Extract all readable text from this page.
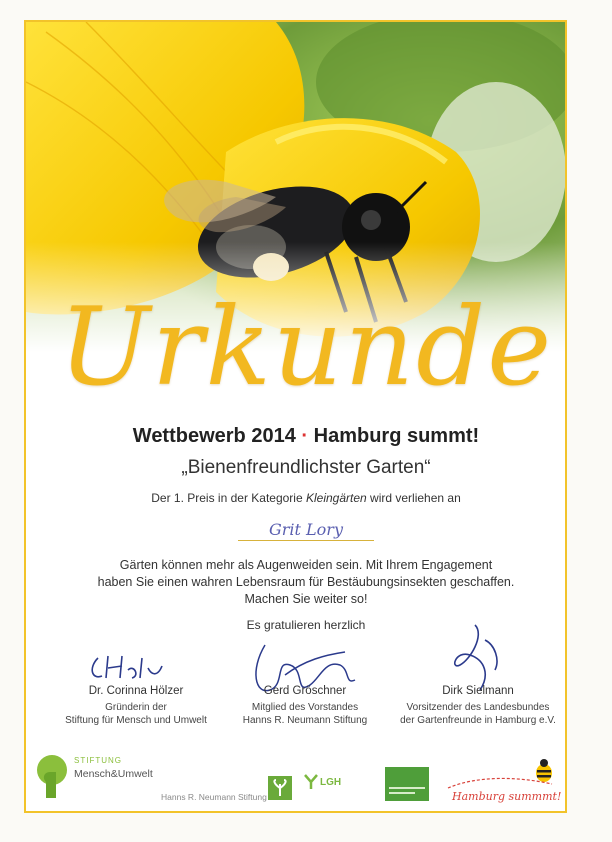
Urkunde
Wettbewerb 2014 · Hamburg summt!
„Bienenfreundlichster Garten“
Der 1. Preis in der Kategorie Kleingärten wird verliehen an
Grit Lory
Gärten können mehr als Augenweiden sein. Mit Ihrem Engagement
haben Sie einen wahren Lebensraum für Bestäubungsinsekten geschaffen.
Machen Sie weiter so!
Es gratulieren herzlich
Dr. Corinna Hölzer
Gründerin der
Stiftung für Mensch und Umwelt
Gerd Gröschner
Mitglied des Vorstandes
Hanns R. Neumann Stiftung
Dirk Sielmann
Vorsitzender des Landesbundes
der Gartenfreunde in Hamburg e.V.
STIFTUNG
Mensch&Umwelt
Hanns R. Neumann Stiftung
LGH
Hamburg summmt!
